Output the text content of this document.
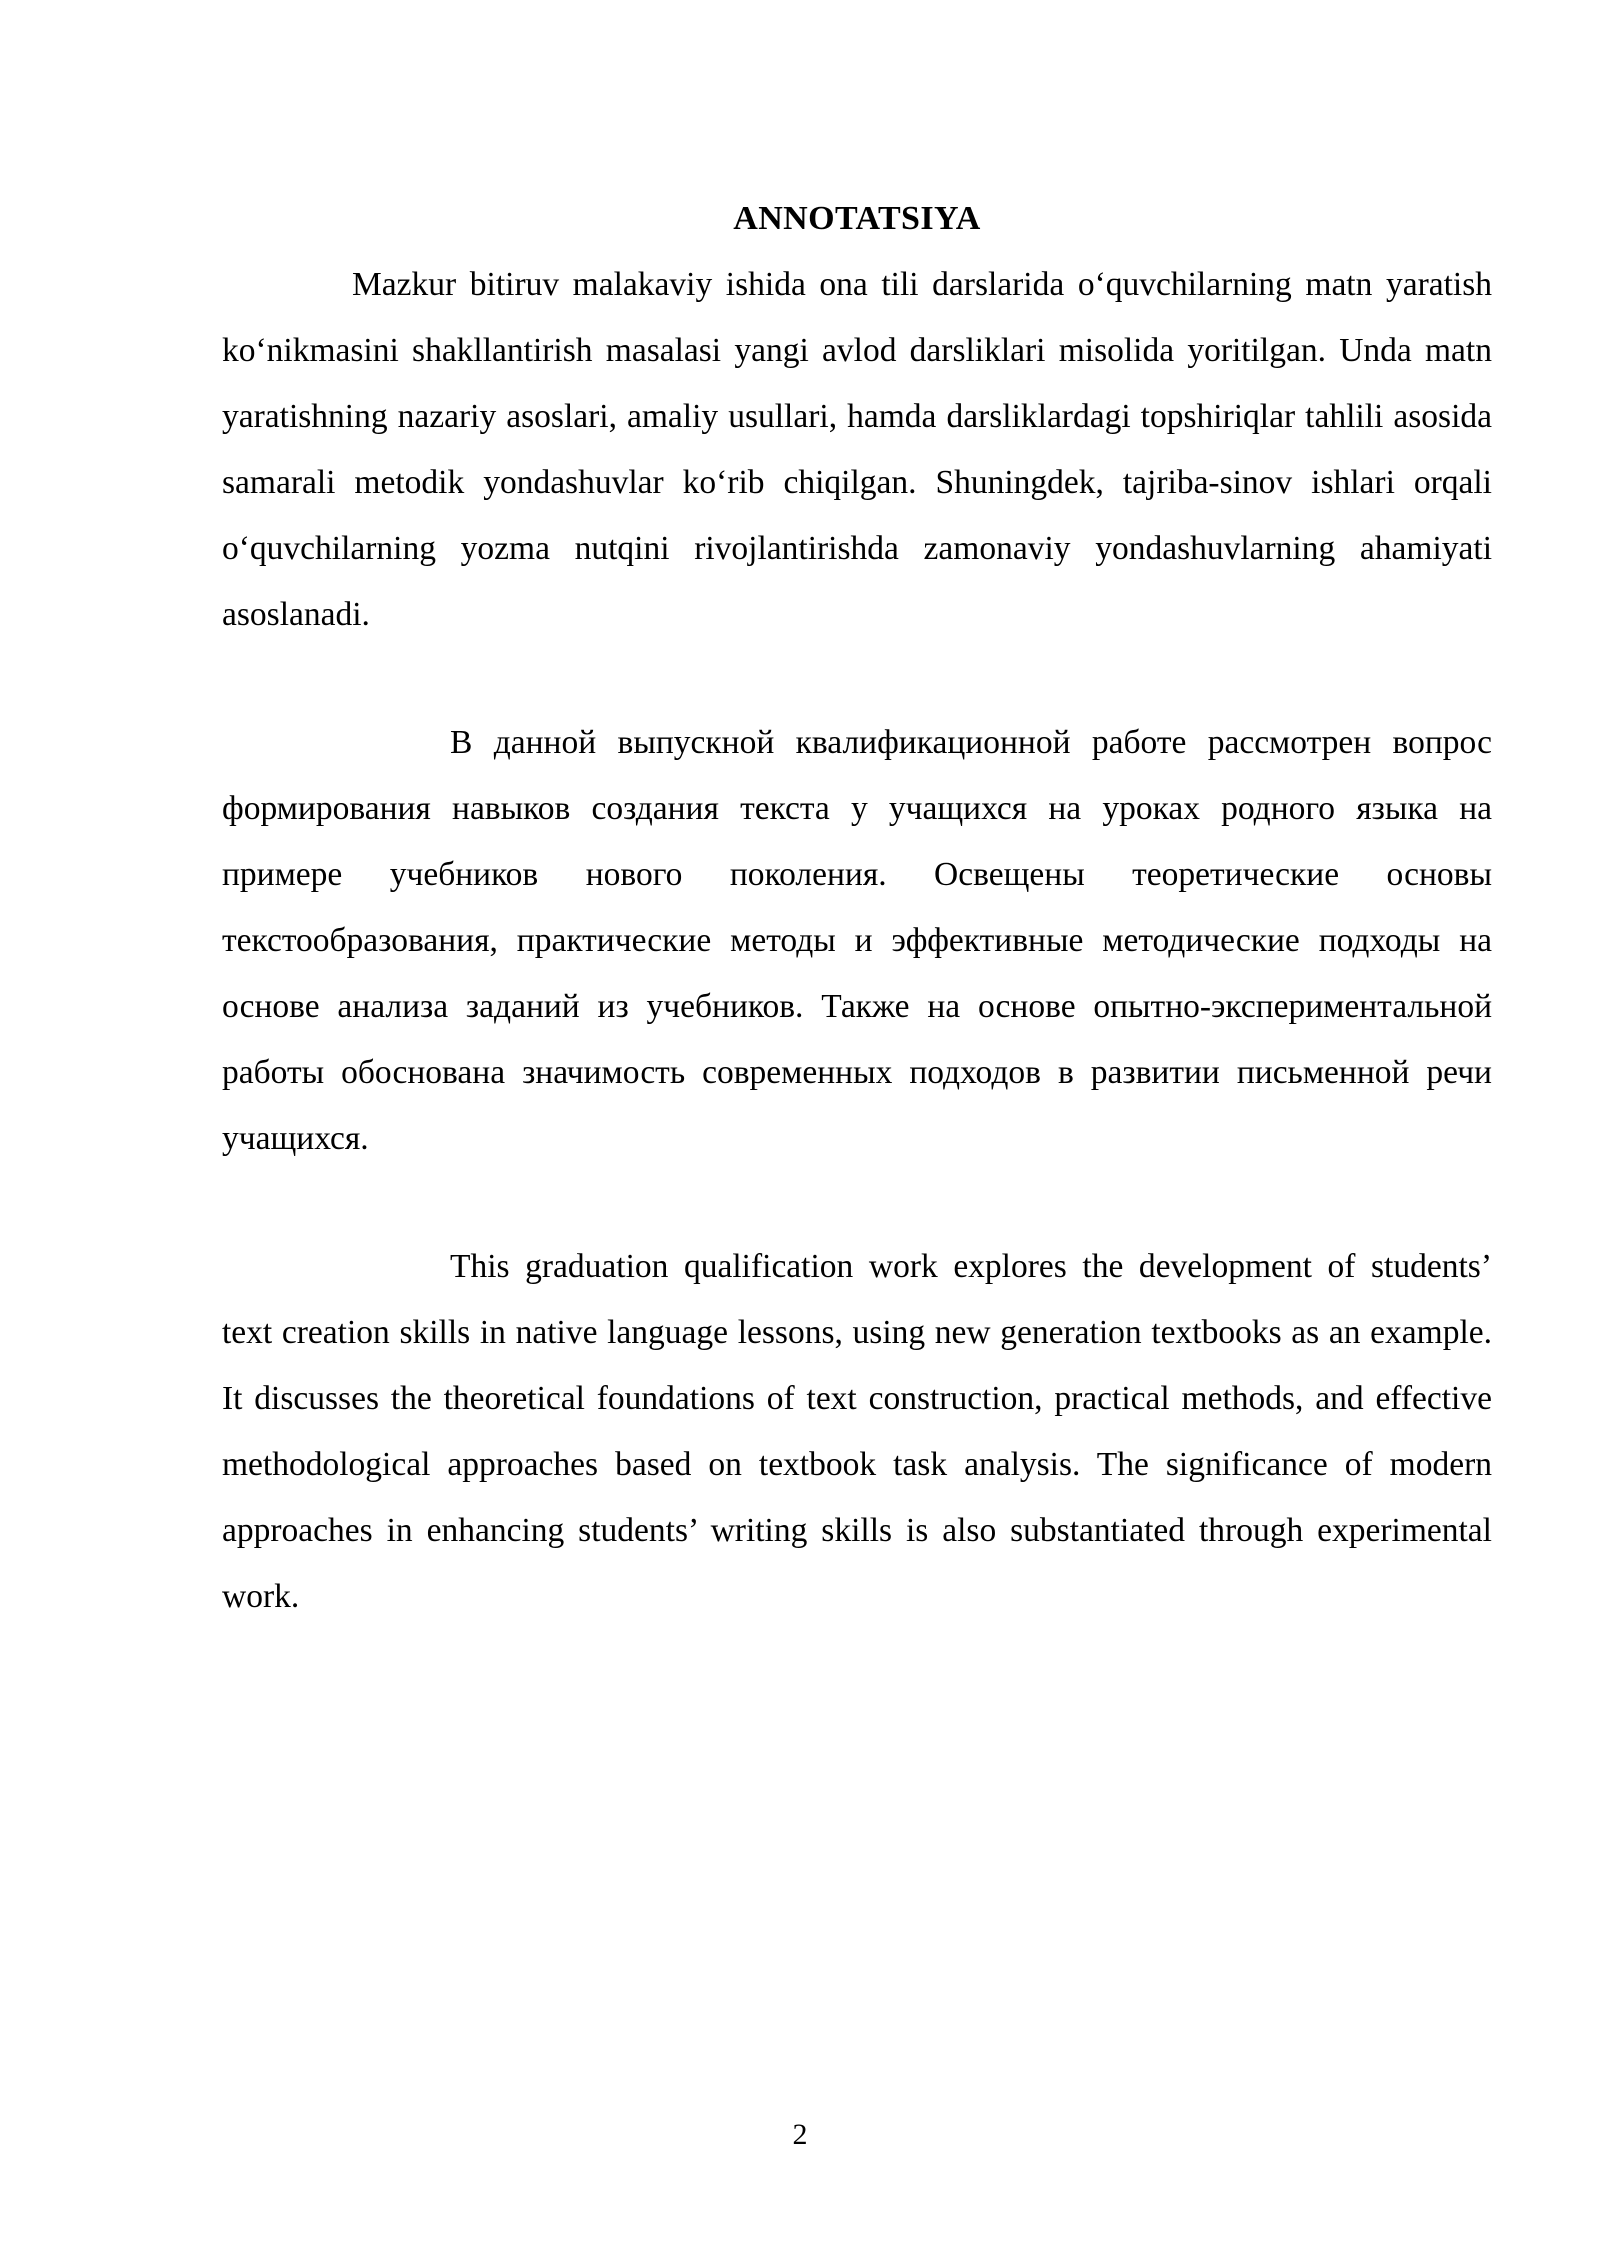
ANNOTATSIYA

Mazkur bitiruv malakaviy ishida ona tili darslarida oʻquvchilarning matn yaratish koʻnikmasini shakllantirish masalasi yangi avlod darsliklari misolida yoritilgan. Unda matn yaratishning nazariy asoslari, amaliy usullari, hamda darsliklardagi topshiriqlar tahlili asosida samarali metodik yondashuvlar koʻrib chiqilgan. Shuningdek, tajriba-sinov ishlari orqali oʻquvchilarning yozma nutqini rivojlantirishda zamonaviy yondashuvlarning ahamiyati asoslanadi.

В данной выпускной квалификационной работе рассмотрен вопрос формирования навыков создания текста у учащихся на уроках родного языка на примере учебников нового поколения. Освещены теоретические основы текстообразования, практические методы и эффективные методические подходы на основе анализа заданий из учебников. Также на основе опытно-экспериментальной работы обоснована значимость современных подходов в развитии письменной речи учащихся.

This graduation qualification work explores the development of students’ text creation skills in native language lessons, using new generation textbooks as an example. It discusses the theoretical foundations of text construction, practical methods, and effective methodological approaches based on textbook task analysis. The significance of modern approaches in enhancing students’ writing skills is also substantiated through experimental work.

2
